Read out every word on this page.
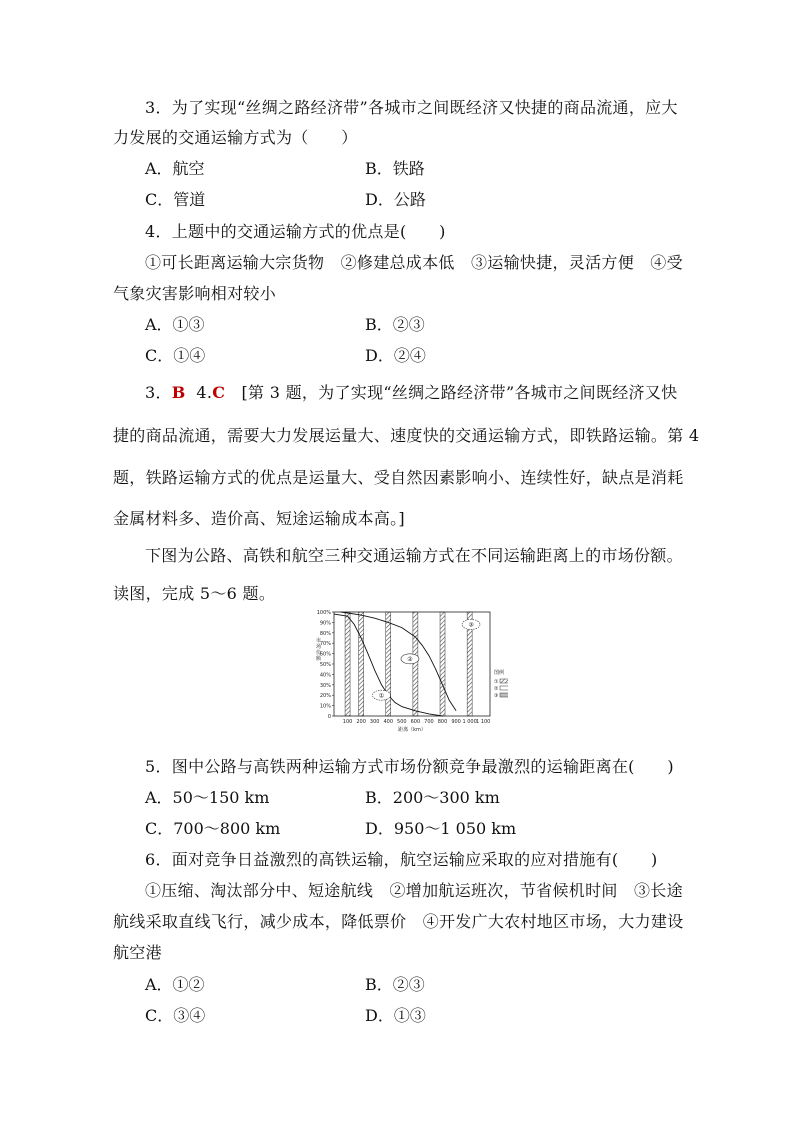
3．为了实现“丝绸之路经济带”各城市之间既经济又快捷的商品流通，应大
力发展的交通运输方式为（　　）
A．航空	B．铁路
C．管道	D．公路
4．上题中的交通运输方式的优点是(　　)
①可长距离运输大宗货物　②修建总成本低　③运输快捷，灵活方便　④受
气象灾害影响相对较小
A．①③	B．②③
C．①④	D．②④
3．B 4.C [第 3 题，为了实现“丝绸之路经济带”各城市之间既经济又快
捷的商品流通，需要大力发展运量大、速度快的交通运输方式，即铁路运输。第 4
题，铁路运输方式的优点是运量大、受自然因素影响小、连续性好，缺点是消耗
金属材料多、造价高、短途运输成本高。]
下图为公路、高铁和航空三种交通运输方式在不同运输距离上的市场份额。
读图，完成 5～6 题。
0
10%
20%
30%
40%
50%
60%
70%
80%
90%
100%
100 200 300 400 500 600 700 800 900 1 000 1 100
市场份额
距离（km）
①
②
③
图例
①
②
③
5．图中公路与高铁两种运输方式市场份额竞争最激烈的运输距离在(　　)
A．50～150 km	B．200～300 km
C．700～800 km	D．950～1 050 km
6．面对竞争日益激烈的高铁运输，航空运输应采取的应对措施有(　　)
①压缩、淘汰部分中、短途航线　②增加航运班次，节省候机时间　③长途
航线采取直线飞行，减少成本，降低票价　④开发广大农村地区市场，大力建设
航空港
A．①②	B．②③
C．③④	D．①③
